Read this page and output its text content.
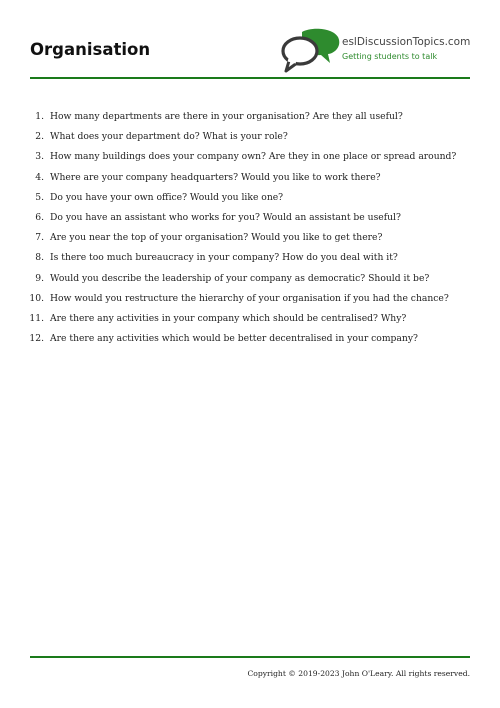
Organisation	eslDiscussionTopics.com
Getting students to talk
1. How many departments are there in your organisation? Are they all useful?
2. What does your department do? What is your role?
3. How many buildings does your company own? Are they in one place or spread around?
4. Where are your company headquarters? Would you like to work there?
5. Do you have your own office? Would you like one?
6. Do you have an assistant who works for you? Would an assistant be useful?
7. Are you near the top of your organisation? Would you like to get there?
8. Is there too much bureaucracy in your company? How do you deal with it?
9. Would you describe the leadership of your company as democratic? Should it be?
10. How would you restructure the hierarchy of your organisation if you had the chance?
11. Are there any activities in your company which should be centralised? Why?
12. Are there any activities which would be better decentralised in your company?
Copyright © 2019-2023 John O'Leary. All rights reserved.
